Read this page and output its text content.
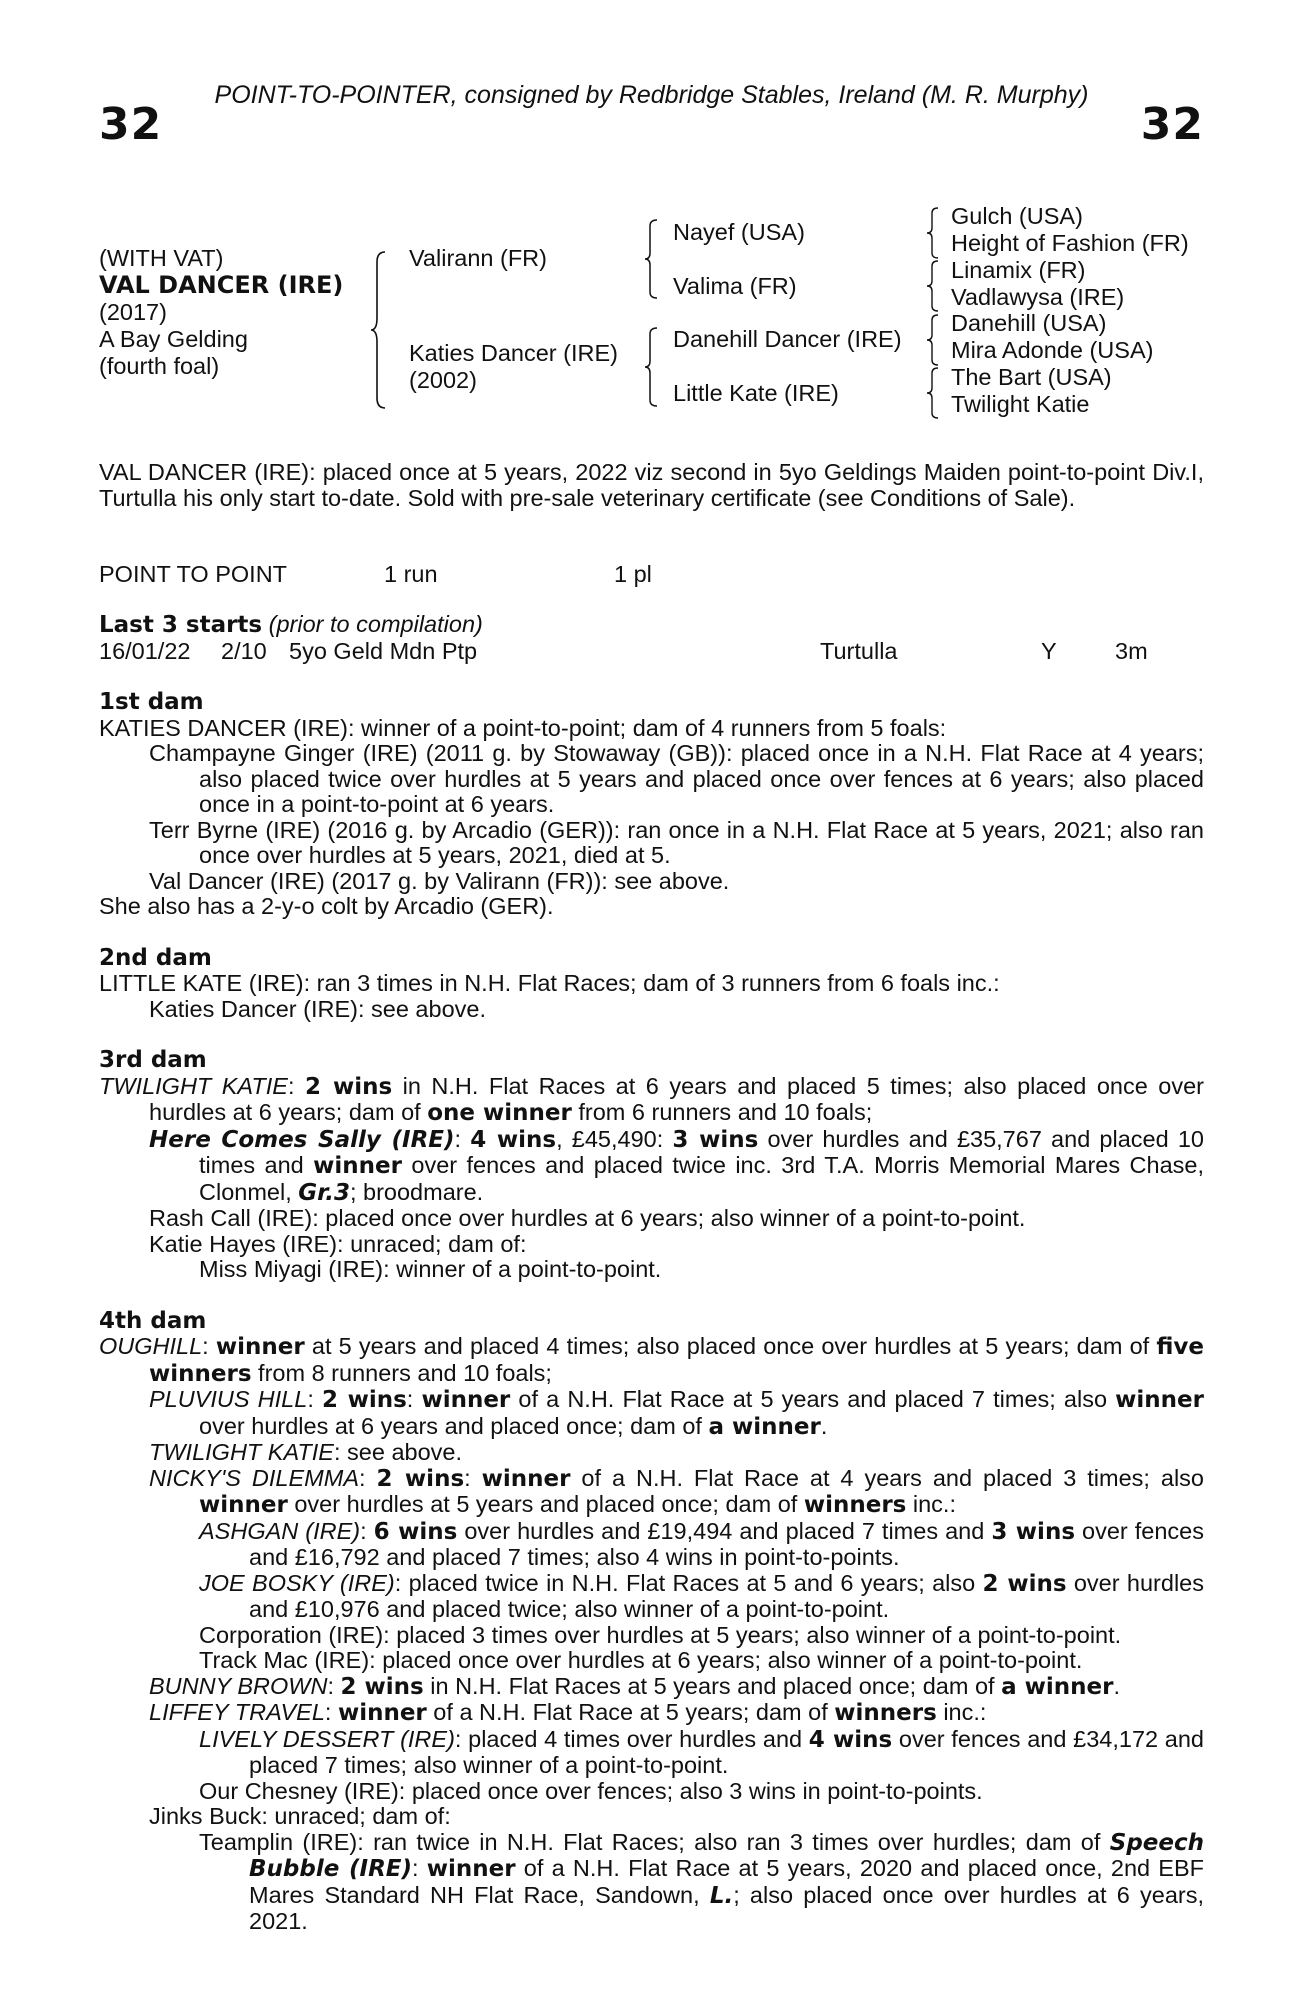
POINT-TO-POINTER, consigned by Redbridge Stables, Ireland (M. R. Murphy)
32	32
(WITH VAT)
VAL DANCER (IRE)
(2017)
A Bay Gelding
(fourth foal)
Valirann (FR)
Katies Dancer (IRE)
(2002)
Nayef (USA)
Valima (FR)
Danehill Dancer (IRE)
Little Kate (IRE)
Gulch (USA)
Height of Fashion (FR)
Linamix (FR)
Vadlawysa (IRE)
Danehill (USA)
Mira Adonde (USA)
The Bart (USA)
Twilight Katie
VAL DANCER (IRE): placed once at 5 years, 2022 viz second in 5yo Geldings Maiden point-to-point Div.I, Turtulla his only start to-date. Sold with pre-sale veterinary certificate (see Conditions of Sale).
POINT TO POINT	1 run	1 pl
Last 3 starts (prior to compilation)
16/01/22 2/10 5yo Geld Mdn Ptp	Turtulla	Y 3m

1st dam

KATIES DANCER (IRE): winner of a point-to-point; dam of 4 runners from 5 foals:

Champayne Ginger (IRE) (2011 g. by Stowaway (GB)): placed once in a N.H. Flat Race at 4 years; also placed twice over hurdles at 5 years and placed once over fences at 6 years; also placed once in a point-to-point at 6 years.

Terr Byrne (IRE) (2016 g. by Arcadio (GER)): ran once in a N.H. Flat Race at 5 years, 2021; also ran once over hurdles at 5 years, 2021, died at 5.

Val Dancer (IRE) (2017 g. by Valirann (FR)): see above.

She also has a 2-y-o colt by Arcadio (GER).

2nd dam

LITTLE KATE (IRE): ran 3 times in N.H. Flat Races; dam of 3 runners from 6 foals inc.:

Katies Dancer (IRE): see above.

3rd dam

TWILIGHT KATIE: 2 wins in N.H. Flat Races at 6 years and placed 5 times; also placed once over hurdles at 6 years; dam of one winner from 6 runners and 10 foals;

Here Comes Sally (IRE): 4 wins, £45,490: 3 wins over hurdles and £35,767 and placed 10 times and winner over fences and placed twice inc. 3rd T.A. Morris Memorial Mares Chase, Clonmel, Gr.3; broodmare.

Rash Call (IRE): placed once over hurdles at 6 years; also winner of a point-to-point.

Katie Hayes (IRE): unraced; dam of:

Miss Miyagi (IRE): winner of a point-to-point.

4th dam

OUGHILL: winner at 5 years and placed 4 times; also placed once over hurdles at 5 years; dam of five winners from 8 runners and 10 foals;

PLUVIUS HILL: 2 wins: winner of a N.H. Flat Race at 5 years and placed 7 times; also winner over hurdles at 6 years and placed once; dam of a winner.

TWILIGHT KATIE: see above.

NICKY'S DILEMMA: 2 wins: winner of a N.H. Flat Race at 4 years and placed 3 times; also winner over hurdles at 5 years and placed once; dam of winners inc.:

ASHGAN (IRE): 6 wins over hurdles and £19,494 and placed 7 times and 3 wins over fences and £16,792 and placed 7 times; also 4 wins in point-to-points.

JOE BOSKY (IRE): placed twice in N.H. Flat Races at 5 and 6 years; also 2 wins over hurdles and £10,976 and placed twice; also winner of a point-to-point.

Corporation (IRE): placed 3 times over hurdles at 5 years; also winner of a point-to-point.

Track Mac (IRE): placed once over hurdles at 6 years; also winner of a point-to-point.

BUNNY BROWN: 2 wins in N.H. Flat Races at 5 years and placed once; dam of a winner.

LIFFEY TRAVEL: winner of a N.H. Flat Race at 5 years; dam of winners inc.:

LIVELY DESSERT (IRE): placed 4 times over hurdles and 4 wins over fences and £34,172 and placed 7 times; also winner of a point-to-point.

Our Chesney (IRE): placed once over fences; also 3 wins in point-to-points.

Jinks Buck: unraced; dam of:

Teamplin (IRE): ran twice in N.H. Flat Races; also ran 3 times over hurdles; dam of Speech Bubble (IRE): winner of a N.H. Flat Race at 5 years, 2020 and placed once, 2nd EBF Mares Standard NH Flat Race, Sandown, L.; also placed once over hurdles at 6 years, 2021.
